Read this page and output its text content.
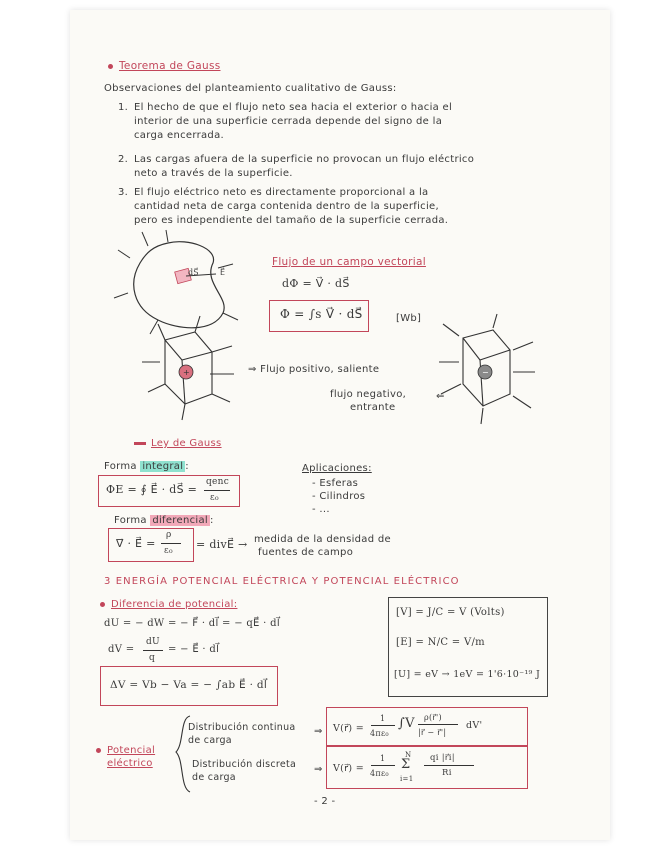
Teorema de Gauss
Observaciones del planteamiento cualitativo de Gauss:
1. El hecho de que el flujo neto sea hacia el exterior o hacia el
interior de una superficie cerrada depende del signo de la
carga encerrada.
2. Las cargas afuera de la superficie no provocan un flujo eléctrico
neto a través de la superficie.
3. El flujo eléctrico neto es directamente proporcional a la
cantidad neta de carga contenida dentro de la superficie,
pero es independiente del tamaño de la superficie cerrada.
dS⃗	E⃗
Flujo de un campo vectorial
dΦ = V⃗ · dS⃗
Φ = ∫s V⃗ · dS⃗	[Wb]
+	⇒ Flujo positivo, saliente
flujo negativo,
entrante
⇐
−
Ley de Gauss
Forma integral :
ΦE = ∮ E⃗ · dS⃗ =
qenc
ε₀
Aplicaciones:
- Esferas
- Cilindros
- ...
Forma diferencial :
∇⃗ · E⃗ =
ρ
ε₀ = divE⃗ → medida de la densidad de
fuentes de campo
3 ENERGÍA POTENCIAL ELÉCTRICA Y POTENCIAL ELÉCTRICO
Diferencia de potencial:
dU = − dW = − F⃗ · dl⃗ = − qE⃗ · dl⃗
dV =
dU
q
= − E⃗ · dl⃗
ΔV = Vb − Va = − ∫ab E⃗ · dl⃗
[V] = J/C = V (Volts)
[E] = N/C = V/m
[U] = eV → 1eV = 1'6·10⁻¹⁹ J
Potencial
eléctrico
Distribución continua
de carga
⇒
Distribución discreta
de carga
⇒
V(r⃗) =
1
4πε₀
∫V ρ(r⃗')
|r⃗ − r⃗'|
dV'
V(r⃗) =
1
4πε₀
N
Σ
i=1
qi |r⃗i|
Ri
- 2 -
